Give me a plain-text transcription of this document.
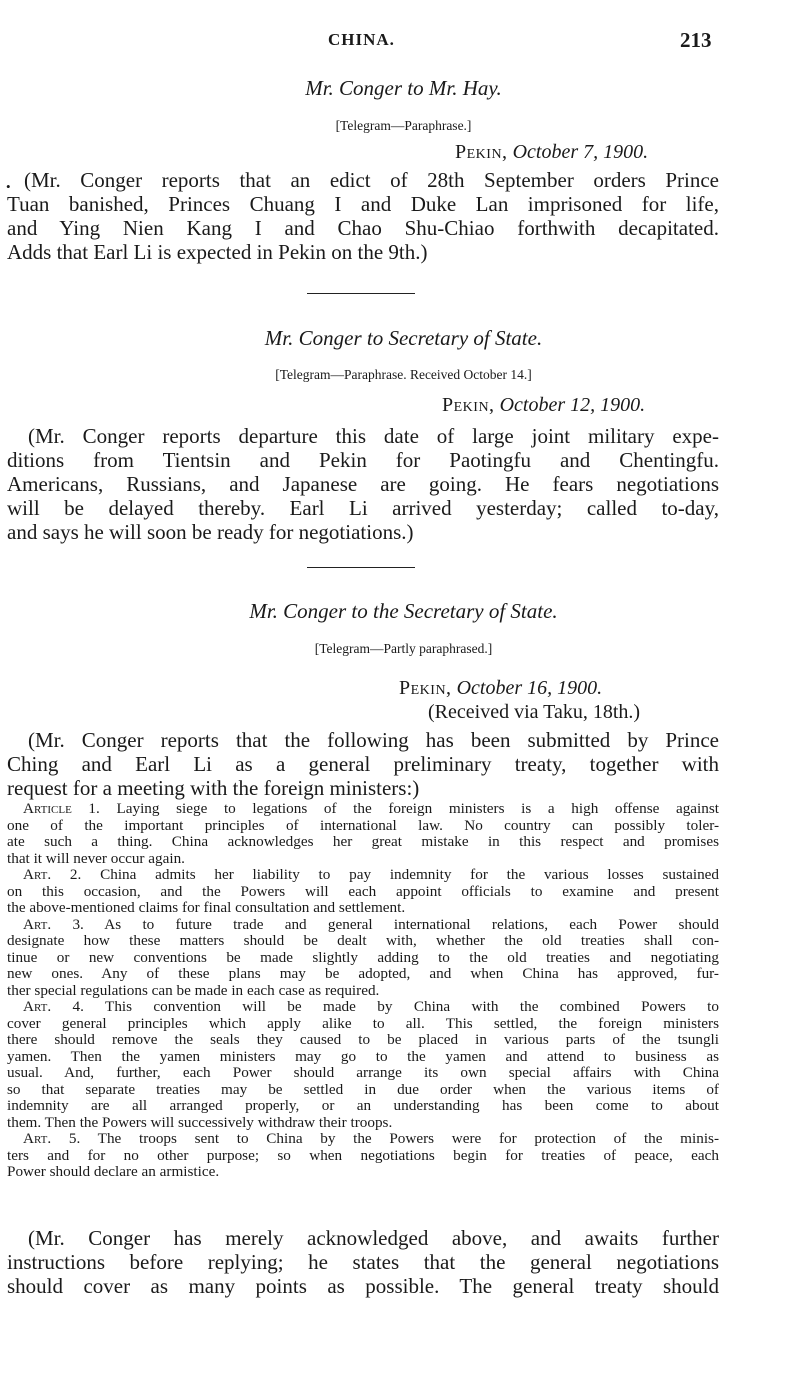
CHINA.	213
Mr. Conger to Mr. Hay.
[Telegram—Paraphrase.]
Pekin, October 7, 1900.
• (Mr. Conger reports that an edict of 28th September orders Prince
Tuan banished, Princes Chuang I and Duke Lan imprisoned for life,
and Ying Nien Kang I and Chao Shu-Chiao forthwith decapitated.
Adds that Earl Li is expected in Pekin on the 9th.)

Mr. Conger to Secretary of State.
[Telegram—Paraphrase. Received October 14.]
Pekin, October 12, 1900.

(Mr. Conger reports departure this date of large joint military expe-
ditions from Tientsin and Pekin for Paotingfu and Chentingfu.
Americans, Russians, and Japanese are going. He fears negotiations
will be delayed thereby. Earl Li arrived yesterday; called to-day,
and says he will soon be ready for negotiations.)

Mr. Conger to the Secretary of State.
[Telegram—Partly paraphrased.]
Pekin, October 16, 1900.
(Received via Taku, 18th.)

(Mr. Conger reports that the following has been submitted by Prince
Ching and Earl Li as a general preliminary treaty, together with
request for a meeting with the foreign ministers:)

Article 1. Laying siege to legations of the foreign ministers is a high offense against
one of the important principles of international law. No country can possibly toler-
ate such a thing. China acknowledges her great mistake in this respect and promises
that it will never occur again.
Art. 2. China admits her liability to pay indemnity for the various losses sustained
on this occasion, and the Powers will each appoint officials to examine and present
the above-mentioned claims for final consultation and settlement.
Art. 3. As to future trade and general international relations, each Power should
designate how these matters should be dealt with, whether the old treaties shall con-
tinue or new conventions be made slightly adding to the old treaties and negotiating
new ones. Any of these plans may be adopted, and when China has approved, fur-
ther special regulations can be made in each case as required.
Art. 4. This convention will be made by China with the combined Powers to
cover general principles which apply alike to all. This settled, the foreign ministers
there should remove the seals they caused to be placed in various parts of the tsungli
yamen. Then the yamen ministers may go to the yamen and attend to business as
usual. And, further, each Power should arrange its own special affairs with China
so that separate treaties may be settled in due order when the various items of
indemnity are all arranged properly, or an understanding has been come to about
them. Then the Powers will successively withdraw their troops.
Art. 5. The troops sent to China by the Powers were for protection of the minis-
ters and for no other purpose; so when negotiations begin for treaties of peace, each
Power should declare an armistice.

(Mr. Conger has merely acknowledged above, and awaits further
instructions before replying; he states that the general negotiations
should cover as many points as possible. The general treaty should
